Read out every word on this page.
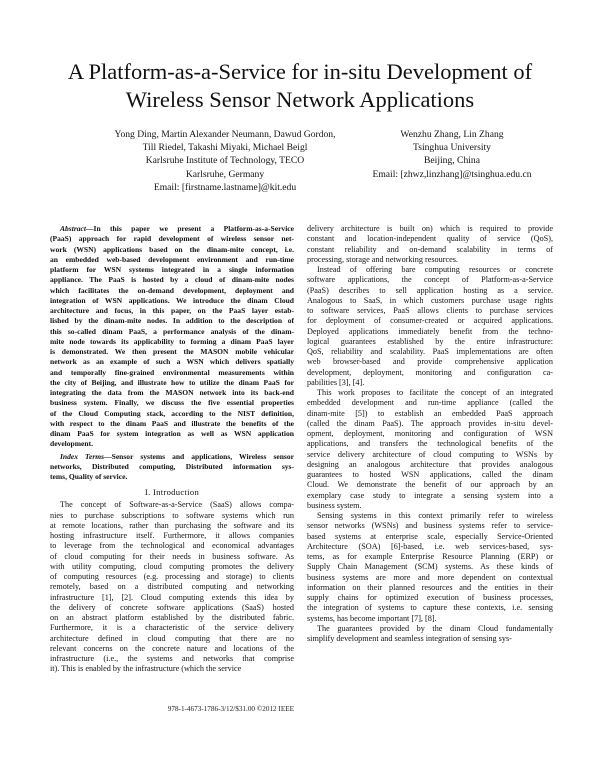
A Platform-as-a-Service for in-situ Development of
Wireless Sensor Network Applications
Yong Ding, Martin Alexander Neumann, Dawud Gordon,
Till Riedel, Takashi Miyaki, Michael Beigl
Karlsruhe Institute of Technology, TECO
Karlsruhe, Germany
Email: [firstname.lastname]@kit.edu
Wenzhu Zhang, Lin Zhang
Tsinghua University
Beijing, China
Email: [zhwz,linzhang]@tsinghua.edu.cn
Abstract—In this paper we present a Platform-as-a-Service
(PaaS) approach for rapid development of wireless sensor net-
work (WSN) applications based on the dinam-mite concept, i.e.
an embedded web-based development environment and run-time
platform for WSN systems integrated in a single information
appliance. The PaaS is hosted by a cloud of dinam-mite nodes
which facilitates the on-demand development, deployment and
integration of WSN applications. We introduce the dinam Cloud
architecture and focus, in this paper, on the PaaS layer estab-
lished by the dinam-mite nodes. In addition to the description of
this so-called dinam PaaS, a performance analysis of the dinam-
mite node towards its applicability to forming a dinam PaaS layer
is demonstrated. We then present the MASON mobile vehicular
network as an example of such a WSN which delivers spatially
and temporally fine-grained environmental measurements within
the city of Beijing, and illustrate how to utilize the dinam PaaS for
integrating the data from the MASON network into its back-end
business system. Finally, we discuss the five essential properties
of the Cloud Computing stack, according to the NIST definition,
with respect to the dinam PaaS and illustrate the benefits of the
dinam PaaS for system integration as well as WSN application
development.
Index Terms—Sensor systems and applications, Wireless sensor
networks, Distributed computing, Distributed information sys-
tems, Quality of service.
I. Introduction
The concept of Software-as-a-Service (SaaS) allows compa-
nies to purchase subscriptions to software systems which run
at remote locations, rather than purchasing the software and its
hosting infrastructure itself. Furthermore, it allows companies
to leverage from the technological and economical advantages
of cloud computing for their needs in business software. As
with utility computing, cloud computing promotes the delivery
of computing resources (e.g. processing and storage) to clients
remotely, based on a distributed computing and networking
infrastructure [1], [2]. Cloud computing extends this idea by
the delivery of concrete software applications (SaaS) hosted
on an abstract platform established by the distributed fabric.
Furthermore, it is a characteristic of the service delivery
architecture defined in cloud computing that there are no
relevant concerns on the concrete nature and locations of the
infrastructure (i.e., the systems and networks that comprise
it). This is enabled by the infrastructure (which the service
delivery architecture is built on) which is required to provide
constant and location-independent quality of service (QoS),
constant reliability and on-demand scalability in terms of
processing, storage and networking resources.
Instead of offering bare computing resources or concrete
software applications, the concept of Platform-as-a-Service
(PaaS) describes to sell application hosting as a service.
Analogous to SaaS, in which customers purchase usage rights
to software services, PaaS allows clients to purchase services
for deployment of consumer-created or acquired applications.
Deployed applications immediately benefit from the techno-
logical guarantees established by the entire infrastructure:
QoS, reliability and scalability. PaaS implementations are often
web browser-based and provide comprehensive application
development, deployment, monitoring and configuration ca-
pabilities [3], [4].
This work proposes to facilitate the concept of an integrated
embedded development and run-time appliance (called the
dinam-mite [5]) to establish an embedded PaaS approach
(called the dinam PaaS). The approach provides in-situ devel-
opment, deployment, monitoring and configuration of WSN
applications, and transfers the technological benefits of the
service delivery architecture of cloud computing to WSNs by
designing an analogous architecture that provides analogous
guarantees to hosted WSN applications, called the dinam
Cloud. We demonstrate the benefit of our approach by an
exemplary case study to integrate a sensing system into a
business system.
Sensing systems in this context primarily refer to wireless
sensor networks (WSNs) and business systems refer to service-
based systems at enterprise scale, especially Service-Oriented
Architecture (SOA) [6]-based, i.e. web services-based, sys-
tems, as for example Enterprise Resource Planning (ERP) or
Supply Chain Management (SCM) systems. As these kinds of
business systems are more and more dependent on contextual
information on their planned resources and the entities in their
supply chains for optimized execution of business processes,
the integration of systems to capture these contexts, i.e. sensing
systems, has become important [7], [8].
The guarantees provided by the dinam Cloud fundamentally
simplify development and seamless integration of sensing sys-
978-1-4673-1786-3/12/$31.00 ©2012 IEEE
